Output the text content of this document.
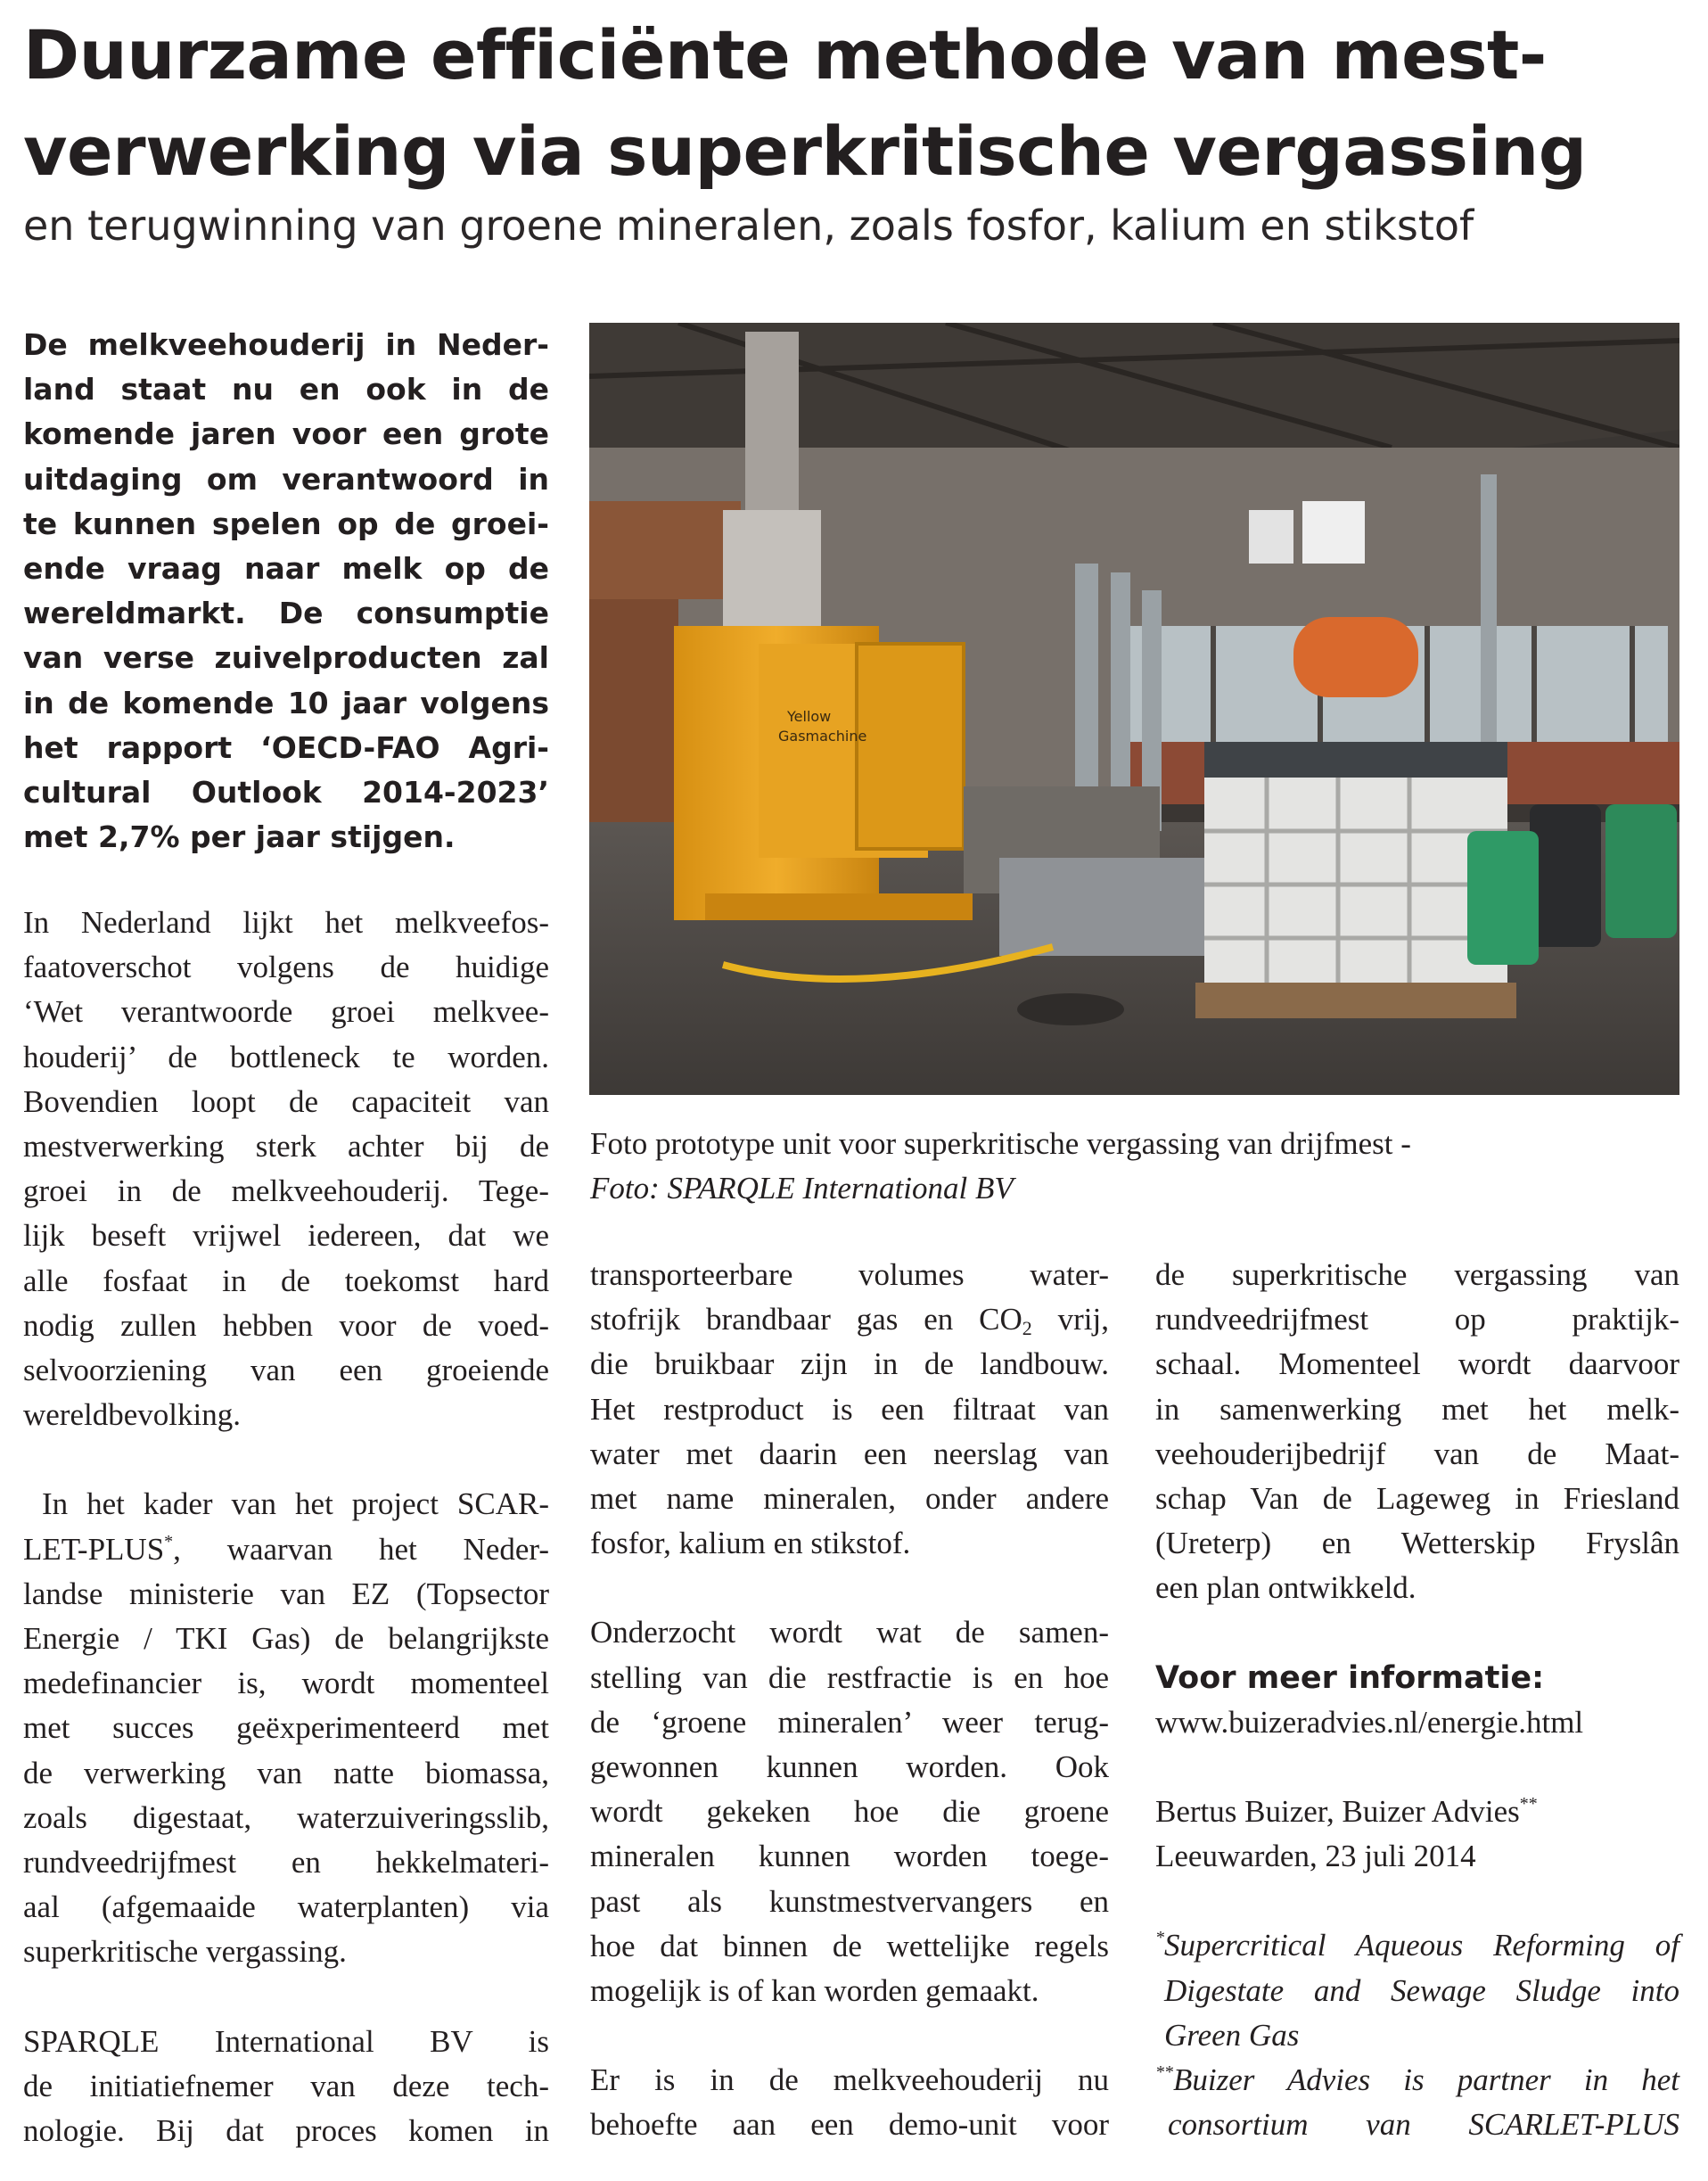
Duurzame efficiënte methode van mest-
verwerking via superkritische vergassing
en terugwinning van groene mineralen, zoals fosfor, kalium en stikstof
De melkveehouderij in Neder-
land staat nu en ook in de
komende jaren voor een grote
uitdaging om verantwoord in
te kunnen spelen op de groei-
ende vraag naar melk op de
wereldmarkt. De consumptie
van verse zuivelproducten zal
in de komende 10 jaar volgens
het rapport ‘OECD-FAO Agri-
cultural Outlook 2014-2023’
met 2,7% per jaar stijgen.
In Nederland lijkt het melkveefos-
faatoverschot volgens de huidige
‘Wet verantwoorde groei melkvee-
houderij’ de bottleneck te worden.
Bovendien loopt de capaciteit van
mestverwerking sterk achter bij de
groei in de melkveehouderij. Tege-
lijk beseft vrijwel iedereen, dat we
alle fosfaat in de toekomst hard
nodig zullen hebben voor de voed-
selvoorziening van een groeiende
wereldbevolking.
In het kader van het project SCAR-
LET-PLUS*, waarvan het Neder-
landse ministerie van EZ (Topsector
Energie / TKI Gas) de belangrijkste
medefinancier is, wordt momenteel
met succes geëxperimenteerd met
de verwerking van natte biomassa,
zoals digestaat, waterzuiveringsslib,
rundveedrijfmest en hekkelmateri-
aal (afgemaaide waterplanten) via
superkritische vergassing.
SPARQLE International BV is
de initiatiefnemer van deze tech-
nologie. Bij dat proces komen in
Yellow
Gasmachine
Foto prototype unit voor superkritische vergassing van drijfmest -
Foto: SPARQLE International BV
transporteerbare volumes water-
stofrijk brandbaar gas en $CO_2$ vrij,
die bruikbaar zijn in de landbouw.
Het restproduct is een filtraat van
water met daarin een neerslag van
met name mineralen, onder andere
fosfor, kalium en stikstof.
Onderzocht wordt wat de samen-
stelling van die restfractie is en hoe
de ‘groene mineralen’ weer terug-
gewonnen kunnen worden. Ook
wordt gekeken hoe die groene
mineralen kunnen worden toege-
past als kunstmestvervangers en
hoe dat binnen de wettelijke regels
mogelijk is of kan worden gemaakt.
Er is in de melkveehouderij nu
behoefte aan een demo-unit voor
de superkritische vergassing van
rundveedrijfmest op praktijk-
schaal. Momenteel wordt daarvoor
in samenwerking met het melk-
veehouderijbedrijf van de Maat-
schap Van de Lageweg in Friesland
(Ureterp) en Wetterskip Fryslân
een plan ontwikkeld.
Voor meer informatie:
www.buizeradvies.nl/energie.html
Bertus Buizer, Buizer Advies**
Leeuwarden, 23 juli 2014
*Supercritical Aqueous Reforming of
Digestate and Sewage Sludge into
Green Gas
**Buizer Advies is partner in het
consortium van SCARLET-PLUS
